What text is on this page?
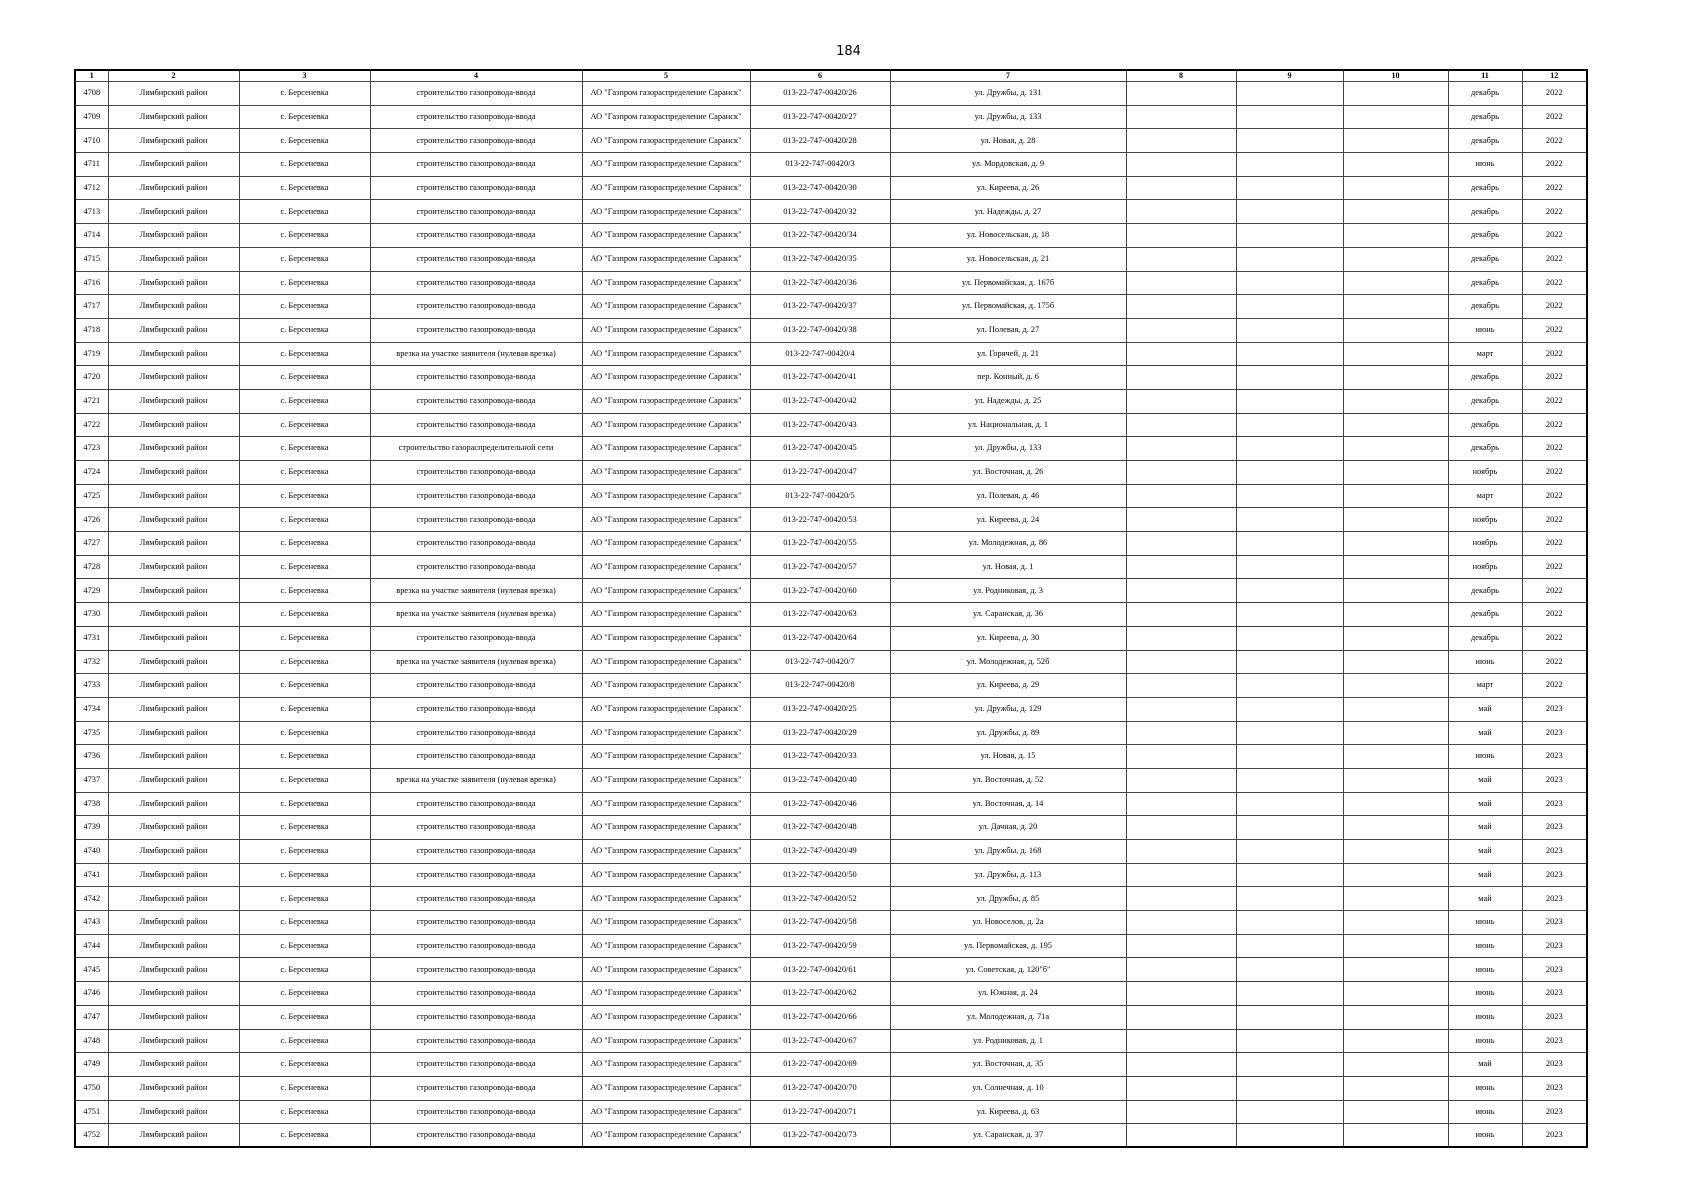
184
1	2	3	4	5	6	7	8	9	10	11	12
4708	Лямбирский район	с. Берсеневка	строительство газопровода-ввода	АО "Газпром газораспределение Саранск"	013-22-747-00420/26	ул. Дружбы, д. 131				декабрь	2022
4709	Лямбирский район	с. Берсеневка	строительство газопровода-ввода	АО "Газпром газораспределение Саранск"	013-22-747-00420/27	ул. Дружбы, д. 133				декабрь	2022
4710	Лямбирский район	с. Берсеневка	строительство газопровода-ввода	АО "Газпром газораспределение Саранск"	013-22-747-00420/28	ул. Новая, д. 28				декабрь	2022
4711	Лямбирский район	с. Берсеневка	строительство газопровода-ввода	АО "Газпром газораспределение Саранск"	013-22-747-00420/3	ул. Мордовская, д. 9				июнь	2022
4712	Лямбирский район	с. Берсеневка	строительство газопровода-ввода	АО "Газпром газораспределение Саранск"	013-22-747-00420/30	ул. Киреева, д. 26				декабрь	2022
4713	Лямбирский район	с. Берсеневка	строительство газопровода-ввода	АО "Газпром газораспределение Саранск"	013-22-747-00420/32	ул. Надежды, д. 27				декабрь	2022
4714	Лямбирский район	с. Берсеневка	строительство газопровода-ввода	АО "Газпром газораспределение Саранск"	013-22-747-00420/34	ул. Новосельская, д. 18				декабрь	2022
4715	Лямбирский район	с. Берсеневка	строительство газопровода-ввода	АО "Газпром газораспределение Саранск"	013-22-747-00420/35	ул. Новосельская, д. 21				декабрь	2022
4716	Лямбирский район	с. Берсеневка	строительство газопровода-ввода	АО "Газпром газораспределение Саранск"	013-22-747-00420/36	ул. Первомайская, д. 167б				декабрь	2022
4717	Лямбирский район	с. Берсеневка	строительство газопровода-ввода	АО "Газпром газораспределение Саранск"	013-22-747-00420/37	ул. Первомайская, д. 175б				декабрь	2022
4718	Лямбирский район	с. Берсеневка	строительство газопровода-ввода	АО "Газпром газораспределение Саранск"	013-22-747-00420/38	ул. Полевая, д. 27				июнь	2022
4719	Лямбирский район	с. Берсеневка	врезка на участке заявителя (нулевая врезка)	АО "Газпром газораспределение Саранск"	013-22-747-00420/4	ул. Горячей, д. 21				март	2022
4720	Лямбирский район	с. Берсеневка	строительство газопровода-ввода	АО "Газпром газораспределение Саранск"	013-22-747-00420/41	пер. Конный, д. 6				декабрь	2022
4721	Лямбирский район	с. Берсеневка	строительство газопровода-ввода	АО "Газпром газораспределение Саранск"	013-22-747-00420/42	ул. Надежды, д. 25				декабрь	2022
4722	Лямбирский район	с. Берсеневка	строительство газопровода-ввода	АО "Газпром газораспределение Саранск"	013-22-747-00420/43	ул. Национальная, д. 1				декабрь	2022
4723	Лямбирский район	с. Берсеневка	строительство газораспределительной сети	АО "Газпром газораспределение Саранск"	013-22-747-00420/45	ул. Дружбы, д. 133				декабрь	2022
4724	Лямбирский район	с. Берсеневка	строительство газопровода-ввода	АО "Газпром газораспределение Саранск"	013-22-747-00420/47	ул. Восточная, д. 26				ноябрь	2022
4725	Лямбирский район	с. Берсеневка	строительство газопровода-ввода	АО "Газпром газораспределение Саранск"	013-22-747-00420/5	ул. Полевая, д. 46				март	2022
4726	Лямбирский район	с. Берсеневка	строительство газопровода-ввода	АО "Газпром газораспределение Саранск"	013-22-747-00420/53	ул. Киреева, д. 24				ноябрь	2022
4727	Лямбирский район	с. Берсеневка	строительство газопровода-ввода	АО "Газпром газораспределение Саранск"	013-22-747-00420/55	ул. Молодежная, д. 86				ноябрь	2022
4728	Лямбирский район	с. Берсеневка	строительство газопровода-ввода	АО "Газпром газораспределение Саранск"	013-22-747-00420/57	ул. Новая, д. 1				ноябрь	2022
4729	Лямбирский район	с. Берсеневка	врезка на участке заявителя (нулевая врезка)	АО "Газпром газораспределение Саранск"	013-22-747-00420/60	ул. Родниковая, д. 3				декабрь	2022
4730	Лямбирский район	с. Берсеневка	врезка на участке заявителя (нулевая врезка)	АО "Газпром газораспределение Саранск"	013-22-747-00420/63	ул. Саранская, д. 36				декабрь	2022
4731	Лямбирский район	с. Берсеневка	строительство газопровода-ввода	АО "Газпром газораспределение Саранск"	013-22-747-00420/64	ул. Киреева, д. 30				декабрь	2022
4732	Лямбирский район	с. Берсеневка	врезка на участке заявителя (нулевая врезка)	АО "Газпром газораспределение Саранск"	013-22-747-00420/7	ул. Молодежная, д. 52б				июнь	2022
4733	Лямбирский район	с. Берсеневка	строительство газопровода-ввода	АО "Газпром газораспределение Саранск"	013-22-747-00420/8	ул. Киреева, д. 29				март	2022
4734	Лямбирский район	с. Берсеневка	строительство газопровода-ввода	АО "Газпром газораспределение Саранск"	013-22-747-00420/25	ул. Дружбы, д. 129				май	2023
4735	Лямбирский район	с. Берсеневка	строительство газопровода-ввода	АО "Газпром газораспределение Саранск"	013-22-747-00420/29	ул. Дружбы, д. 89				май	2023
4736	Лямбирский район	с. Берсеневка	строительство газопровода-ввода	АО "Газпром газораспределение Саранск"	013-22-747-00420/33	ул. Новая, д. 15				июнь	2023
4737	Лямбирский район	с. Берсеневка	врезка на участке заявителя (нулевая врезка)	АО "Газпром газораспределение Саранск"	013-22-747-00420/40	ул. Восточная, д. 52				май	2023
4738	Лямбирский район	с. Берсеневка	строительство газопровода-ввода	АО "Газпром газораспределение Саранск"	013-22-747-00420/46	ул. Восточная, д. 14				май	2023
4739	Лямбирский район	с. Берсеневка	строительство газопровода-ввода	АО "Газпром газораспределение Саранск"	013-22-747-00420/48	ул. Дачная, д. 20				май	2023
4740	Лямбирский район	с. Берсеневка	строительство газопровода-ввода	АО "Газпром газораспределение Саранск"	013-22-747-00420/49	ул. Дружбы, д. 168				май	2023
4741	Лямбирский район	с. Берсеневка	строительство газопровода-ввода	АО "Газпром газораспределение Саранск"	013-22-747-00420/50	ул. Дружбы, д. 113				май	2023
4742	Лямбирский район	с. Берсеневка	строительство газопровода-ввода	АО "Газпром газораспределение Саранск"	013-22-747-00420/52	ул. Дружбы, д. 85				май	2023
4743	Лямбирский район	с. Берсеневка	строительство газопровода-ввода	АО "Газпром газораспределение Саранск"	013-22-747-00420/58	ул. Новоселов, д. 2а				июнь	2023
4744	Лямбирский район	с. Берсеневка	строительство газопровода-ввода	АО "Газпром газораспределение Саранск"	013-22-747-00420/59	ул. Первомайская, д. 195				июнь	2023
4745	Лямбирский район	с. Берсеневка	строительство газопровода-ввода	АО "Газпром газораспределение Саранск"	013-22-747-00420/61	ул. Советская, д. 120"б"				июнь	2023
4746	Лямбирский район	с. Берсеневка	строительство газопровода-ввода	АО "Газпром газораспределение Саранск"	013-22-747-00420/62	ул. Южная, д. 24				июнь	2023
4747	Лямбирский район	с. Берсеневка	строительство газопровода-ввода	АО "Газпром газораспределение Саранск"	013-22-747-00420/66	ул. Молодежная, д. 71а				июнь	2023
4748	Лямбирский район	с. Берсеневка	строительство газопровода-ввода	АО "Газпром газораспределение Саранск"	013-22-747-00420/67	ул. Родниковая, д. 1				июнь	2023
4749	Лямбирский район	с. Берсеневка	строительство газопровода-ввода	АО "Газпром газораспределение Саранск"	013-22-747-00420/69	ул. Восточная, д. 35				май	2023
4750	Лямбирский район	с. Берсеневка	строительство газопровода-ввода	АО "Газпром газораспределение Саранск"	013-22-747-00420/70	ул. Солнечная, д. 10				июнь	2023
4751	Лямбирский район	с. Берсеневка	строительство газопровода-ввода	АО "Газпром газораспределение Саранск"	013-22-747-00420/71	ул. Киреева, д. 63				июнь	2023
4752	Лямбирский район	с. Берсеневка	строительство газопровода-ввода	АО "Газпром газораспределение Саранск"	013-22-747-00420/73	ул. Саранская, д. 37				июнь	2023
